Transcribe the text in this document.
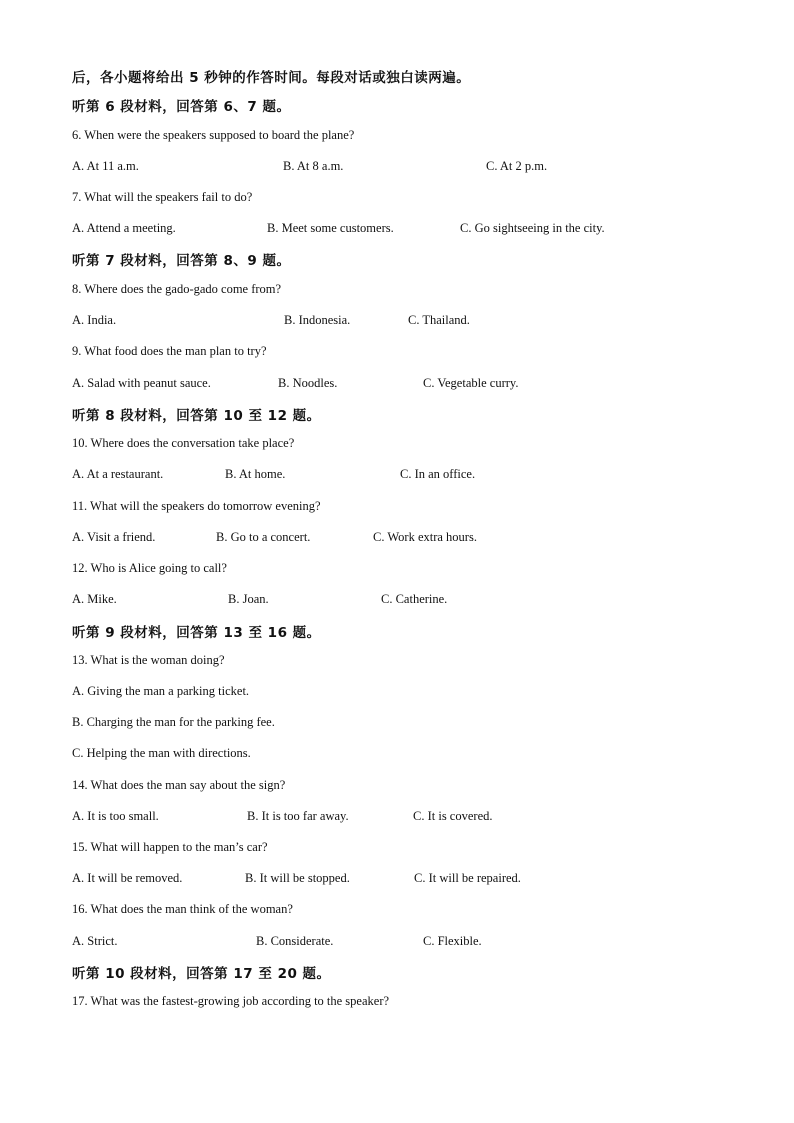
后，各小题将给出 5 秒钟的作答时间。每段对话或独白读两遍。
听第 6 段材料，回答第 6、7 题。
6. When were the speakers supposed to board the plane?
A. At 11 a.m.	B. At 8 a.m.	C. At 2 p.m.
7. What will the speakers fail to do?
A. Attend a meeting.	B. Meet some customers.	C. Go sightseeing in the city.
听第 7 段材料，回答第 8、9 题。
8. Where does the gado-gado come from?
A. India.	B. Indonesia.	C. Thailand.
9. What food does the man plan to try?
A. Salad with peanut sauce.	B. Noodles.	C. Vegetable curry.
听第 8 段材料，回答第 10 至 12 题。
10. Where does the conversation take place?
A. At a restaurant.	B. At home.	C. In an office.
11. What will the speakers do tomorrow evening?
A. Visit a friend.	B. Go to a concert.	C. Work extra hours.
12. Who is Alice going to call?
A. Mike.	B. Joan.	C. Catherine.
听第 9 段材料，回答第 13 至 16 题。
13. What is the woman doing?
A. Giving the man a parking ticket.
B. Charging the man for the parking fee.
C. Helping the man with directions.
14. What does the man say about the sign?
A. It is too small.	B. It is too far away.	C. It is covered.
15. What will happen to the man’s car?
A. It will be removed.	B. It will be stopped.	C. It will be repaired.
16. What does the man think of the woman?
A. Strict.	B. Considerate.	C. Flexible.
听第 10 段材料，回答第 17 至 20 题。
17. What was the fastest-growing job according to the speaker?
